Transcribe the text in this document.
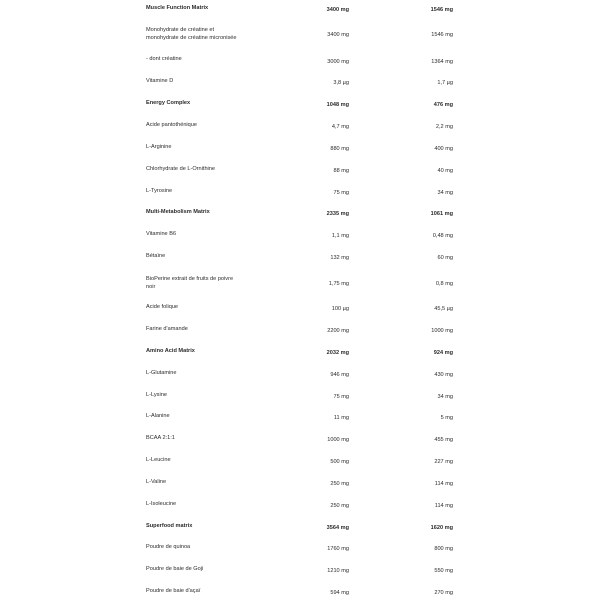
Muscle Function Matrix	3400 mg	1546 mg
Monohydrate de créatine et
monohydrate de créatine micronisée	3400 mg	1546 mg
- dont créatine	3000 mg	1364 mg
Vitamine D	3,8 µg	1,7 µg
Energy Complex	1048 mg	476 mg
Acide pantothénique	4,7 mg	2,2 mg
L-Arginine	880 mg	400 mg
Chlorhydrate de L-Ornithine	88 mg	40 mg
L-Tyrosine	75 mg	34 mg
Multi-Metabolism Matrix	2335 mg	1061 mg
Vitamine B6	1,1 mg	0,48 mg
Bétaïne	132 mg	60 mg
BioPerine extrait de fruits de poivre
noir	1,75 mg	0,8 mg
Acide folique	100 µg	45,5 µg
Farine d'amande	2200 mg	1000 mg
Amino Acid Matrix	2032 mg	924 mg
L-Glutamine	946 mg	430 mg
L-Lysine	75 mg	34 mg
L-Alanine	11 mg	5 mg
BCAA 2:1:1	1000 mg	455 mg
L-Leucine	500 mg	227 mg
L-Valine	250 mg	114 mg
L-Isoleucine	250 mg	114 mg
Superfood matrix	3564 mg	1620 mg
Poudre de quinoa	1760 mg	800 mg
Poudre de baie de Goji	1210 mg	550 mg
Poudre de baie d'açaï	594 mg	270 mg
